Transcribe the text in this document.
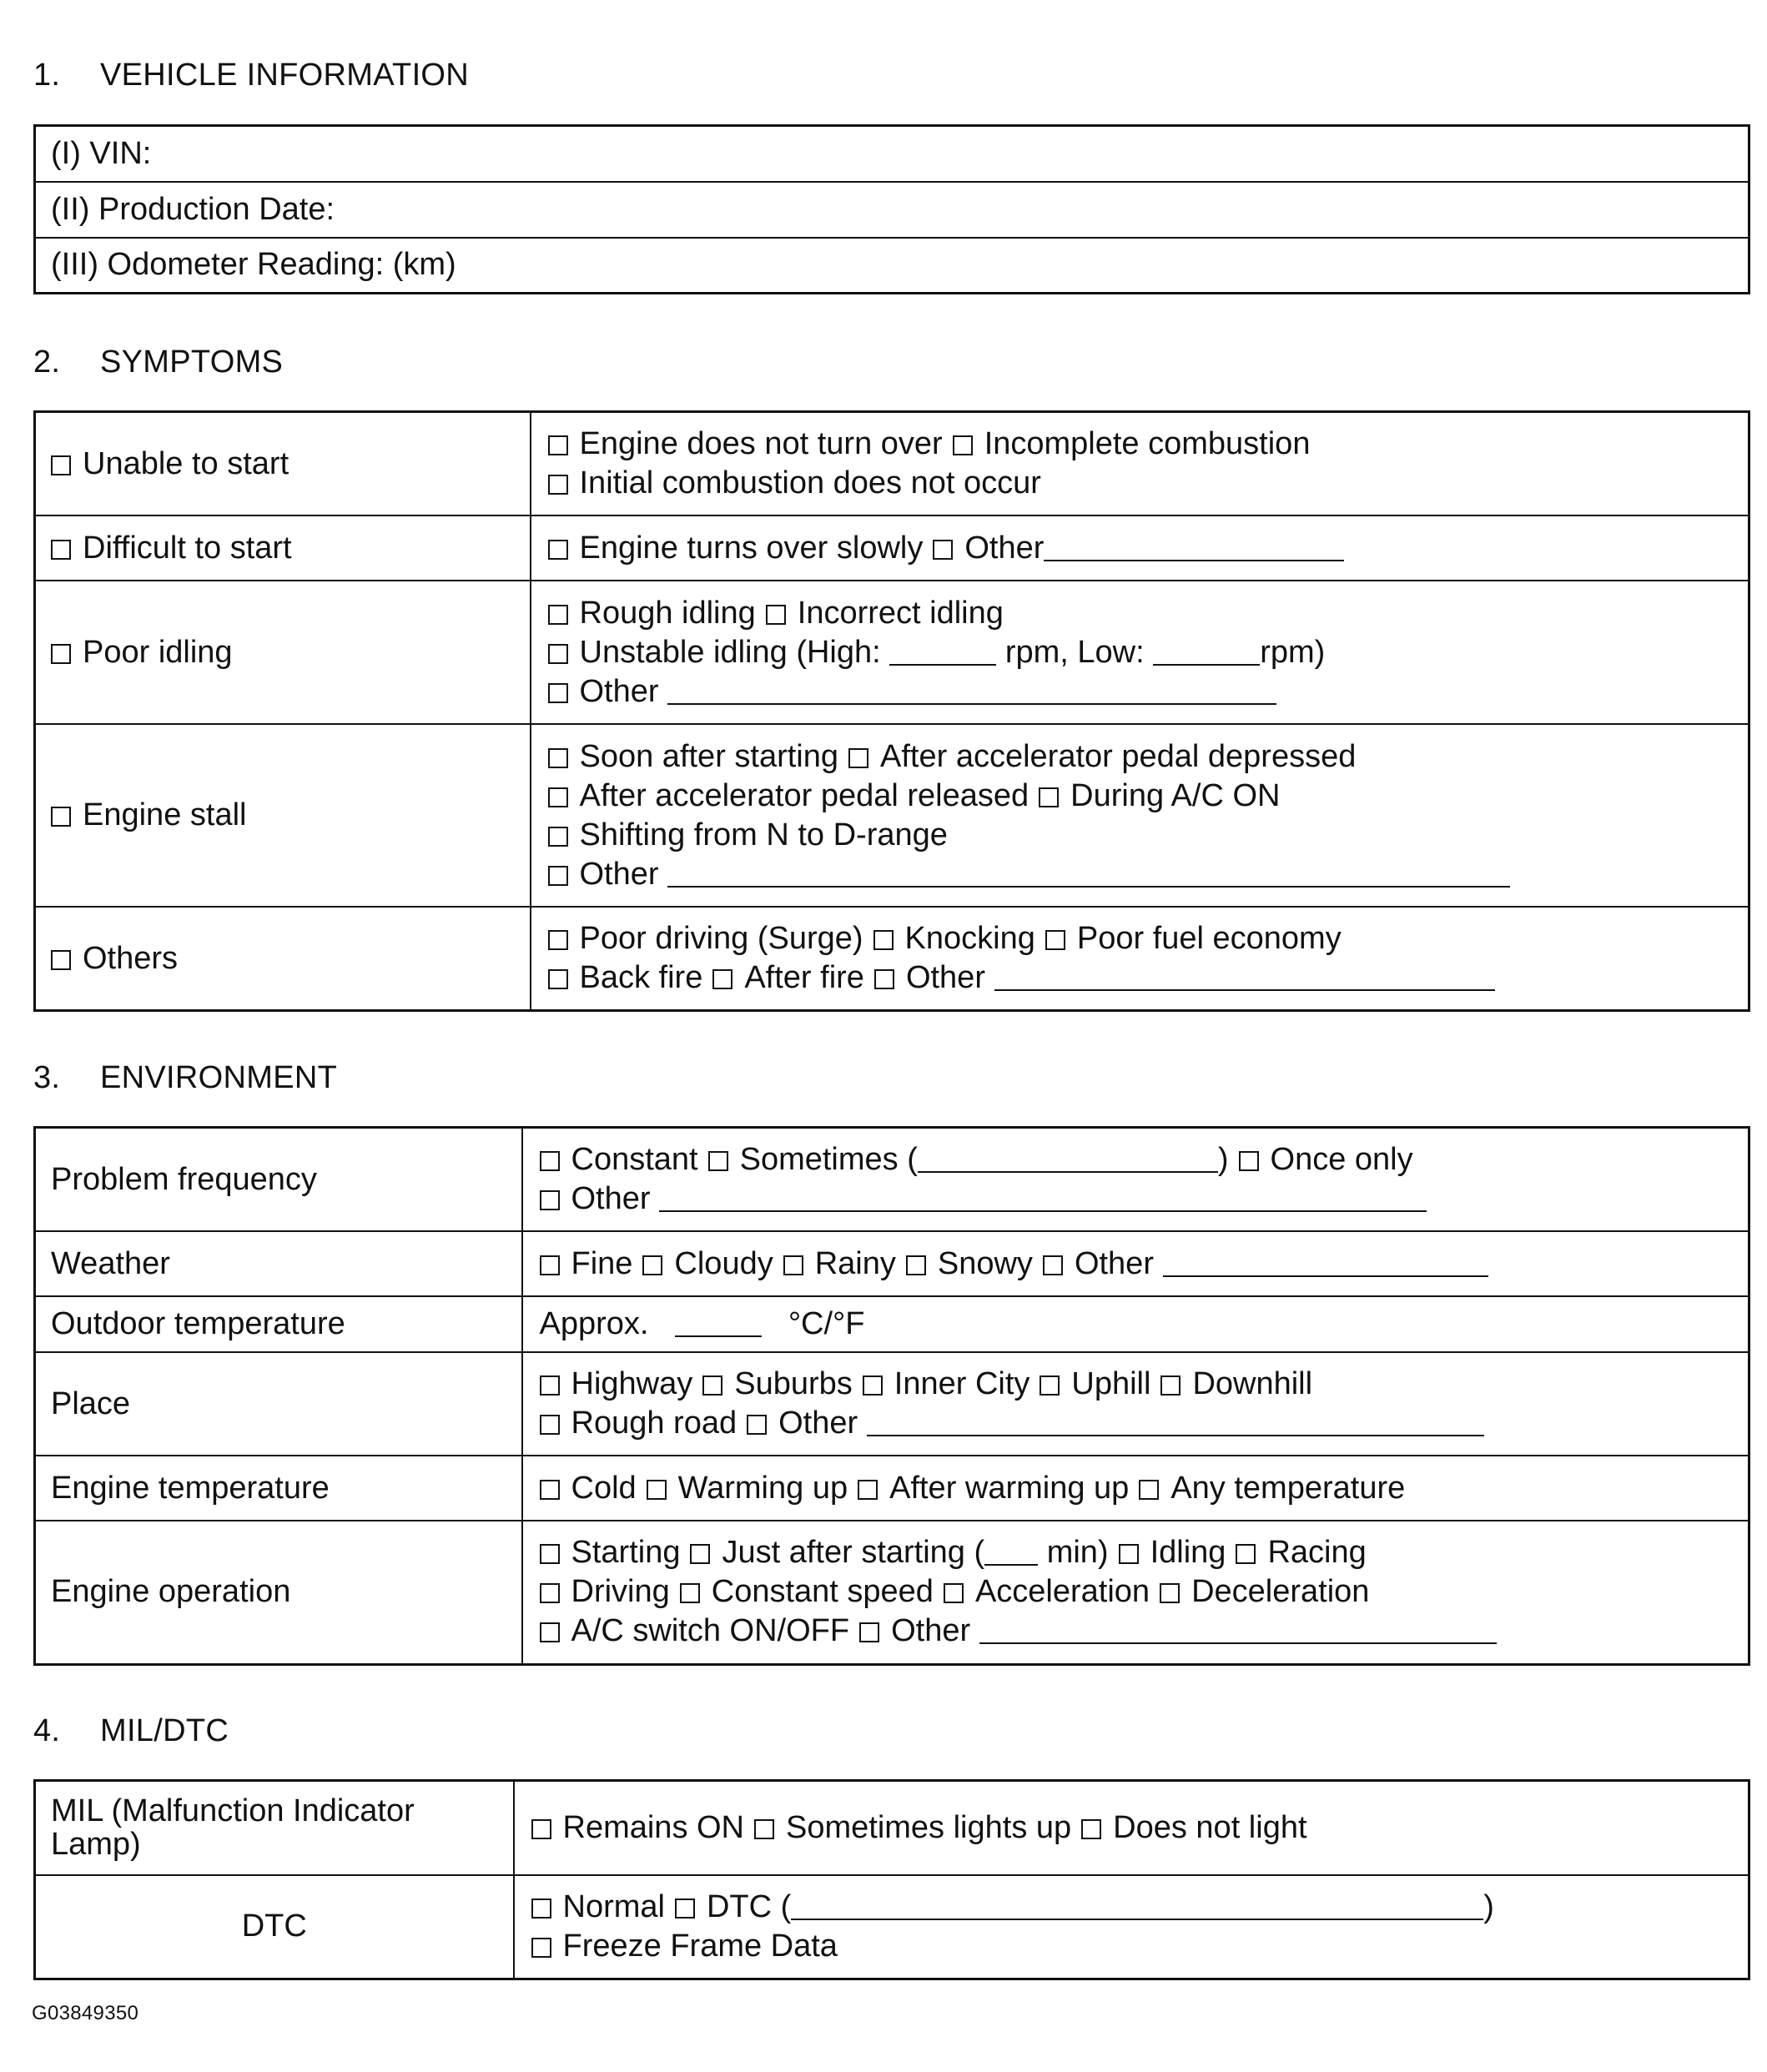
1. VEHICLE INFORMATION
(I) VIN:
(II) Production Date:
(III) Odometer Reading: (km)
2. SYMPTOMS
Unable to start	Engine does not turn over Incomplete combustion
Initial combustion does not occur

Difficult to start	Engine turns over slowly Other

Poor idling	Rough idling Incorrect idling
Unstable idling (High: rpm, Low: rpm)
Other

Engine stall	Soon after starting After accelerator pedal depressed
After accelerator pedal released During A/C ON
Shifting from N to D-range
Other

Others	Poor driving (Surge) Knocking Poor fuel economy
Back fire After fire Other
3. ENVIRONMENT
Problem frequency	Constant Sometimes ( ) Once only
Other

Weather	Fine Cloudy Rainy Snowy Other

Outdoor temperature	Approx. °C/°F

Place	Highway Suburbs Inner City Uphill Downhill
Rough road Other

Engine temperature	Cold Warming up After warming up Any temperature

Engine operation	Starting Just after starting ( min) Idling Racing
Driving Constant speed Acceleration Deceleration
A/C switch ON/OFF Other
4. MIL/DTC
MIL (Malfunction Indicator Lamp)	Remains ON Sometimes lights up Does not light

DTC	Normal DTC ( )
Freeze Frame Data
G03849350
